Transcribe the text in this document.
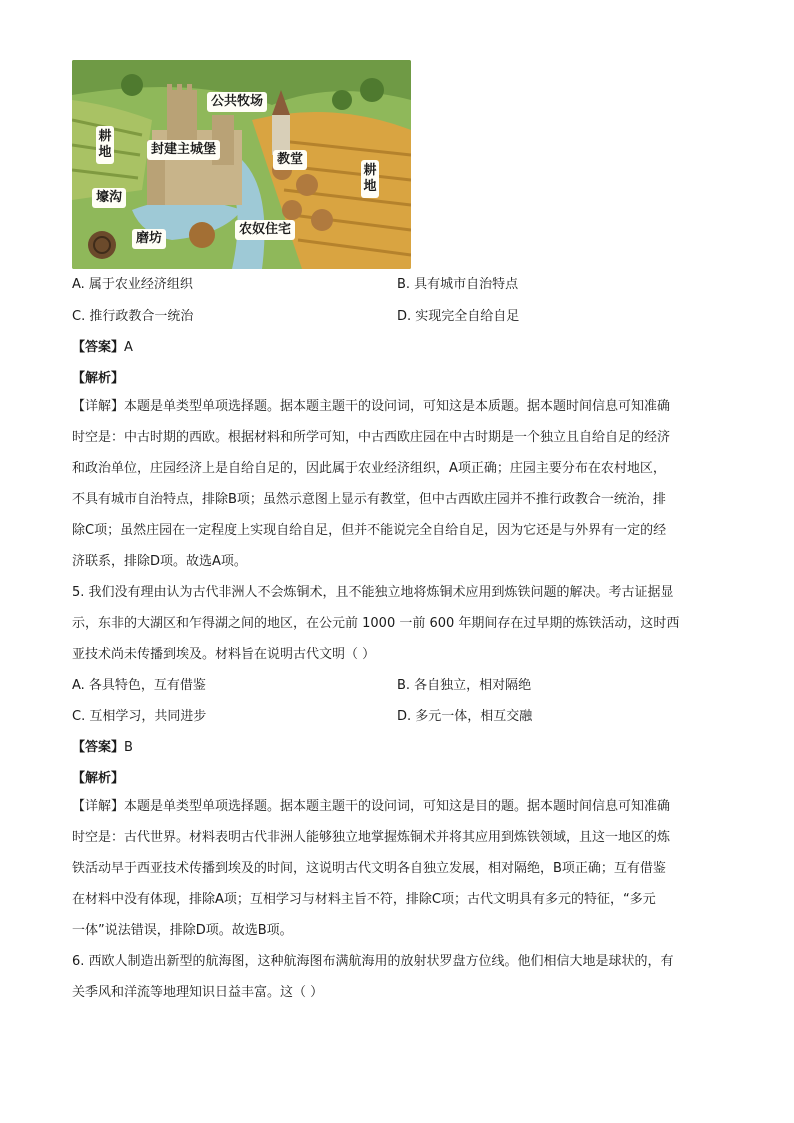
公共牧场
耕地	封建主城堡
教堂
耕地
壕沟
磨坊
农奴住宅
A. 属于农业经济组织	B. 具有城市自治特点
C. 推行政教合一统治	D. 实现完全自给自足
【答案】A
【解析】
【详解】本题是单类型单项选择题。据本题主题干的设问词，可知这是本质题。据本题时间信息可知准确
时空是：中古时期的西欧。根据材料和所学可知，中古西欧庄园在中古时期是一个独立且自给自足的经济
和政治单位，庄园经济上是自给自足的，因此属于农业经济组织，A项正确；庄园主要分布在农村地区，
不具有城市自治特点，排除B项；虽然示意图上显示有教堂，但中古西欧庄园并不推行政教合一统治，排
除C项；虽然庄园在一定程度上实现自给自足，但并不能说完全自给自足，因为它还是与外界有一定的经
济联系，排除D项。故选A项。
5. 我们没有理由认为古代非洲人不会炼铜术，且不能独立地将炼铜术应用到炼铁问题的解决。考古证据显
示，东非的大湖区和乍得湖之间的地区，在公元前 1000 一前 600 年期间存在过早期的炼铁活动，这时西
亚技术尚未传播到埃及。材料旨在说明古代文明（ ）
A. 各具特色，互有借鉴	B. 各自独立，相对隔绝
C. 互相学习，共同进步	D. 多元一体，相互交融
【答案】B
【解析】
【详解】本题是单类型单项选择题。据本题主题干的设问词，可知这是目的题。据本题时间信息可知准确
时空是：古代世界。材料表明古代非洲人能够独立地掌握炼铜术并将其应用到炼铁领域，且这一地区的炼
铁活动早于西亚技术传播到埃及的时间，这说明古代文明各自独立发展，相对隔绝，B项正确；互有借鉴
在材料中没有体现，排除A项；互相学习与材料主旨不符，排除C项；古代文明具有多元的特征，“多元
一体”说法错误，排除D项。故选B项。
6. 西欧人制造出新型的航海图，这种航海图布满航海用的放射状罗盘方位线。他们相信大地是球状的，有
关季风和洋流等地理知识日益丰富。这（ ）
